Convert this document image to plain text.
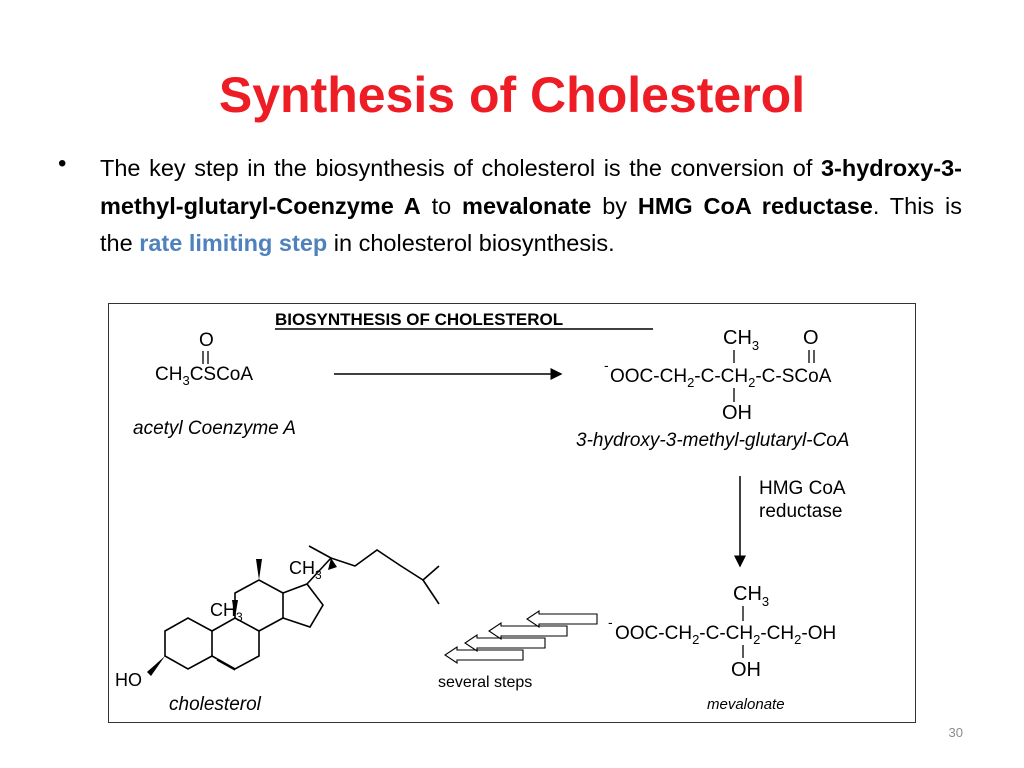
Synthesis of Cholesterol
• The key step in the biosynthesis of cholesterol is the conversion of 3-hydroxy-3-methyl-glutaryl-Coenzyme A to mevalonate by HMG CoA reductase. This is the rate limiting step in cholesterol biosynthesis.
BIOSYNTHESIS OF CHOLESTEROL
O
$CH_3CSCoA$
acetyl Coenzyme A
$CH_3$ O
-
OOC-$CH_2-C-CH_2-C$-SCoA
OH
3-hydroxy-3-methyl-glutaryl-CoA
HMG CoA
reductase
$CH_3$
-
OOC-$CH_2-C-CH_2-CH_2-OH$
OH
mevalonate
several steps
$CH_3$
$CH_3$
HO
cholesterol
30
